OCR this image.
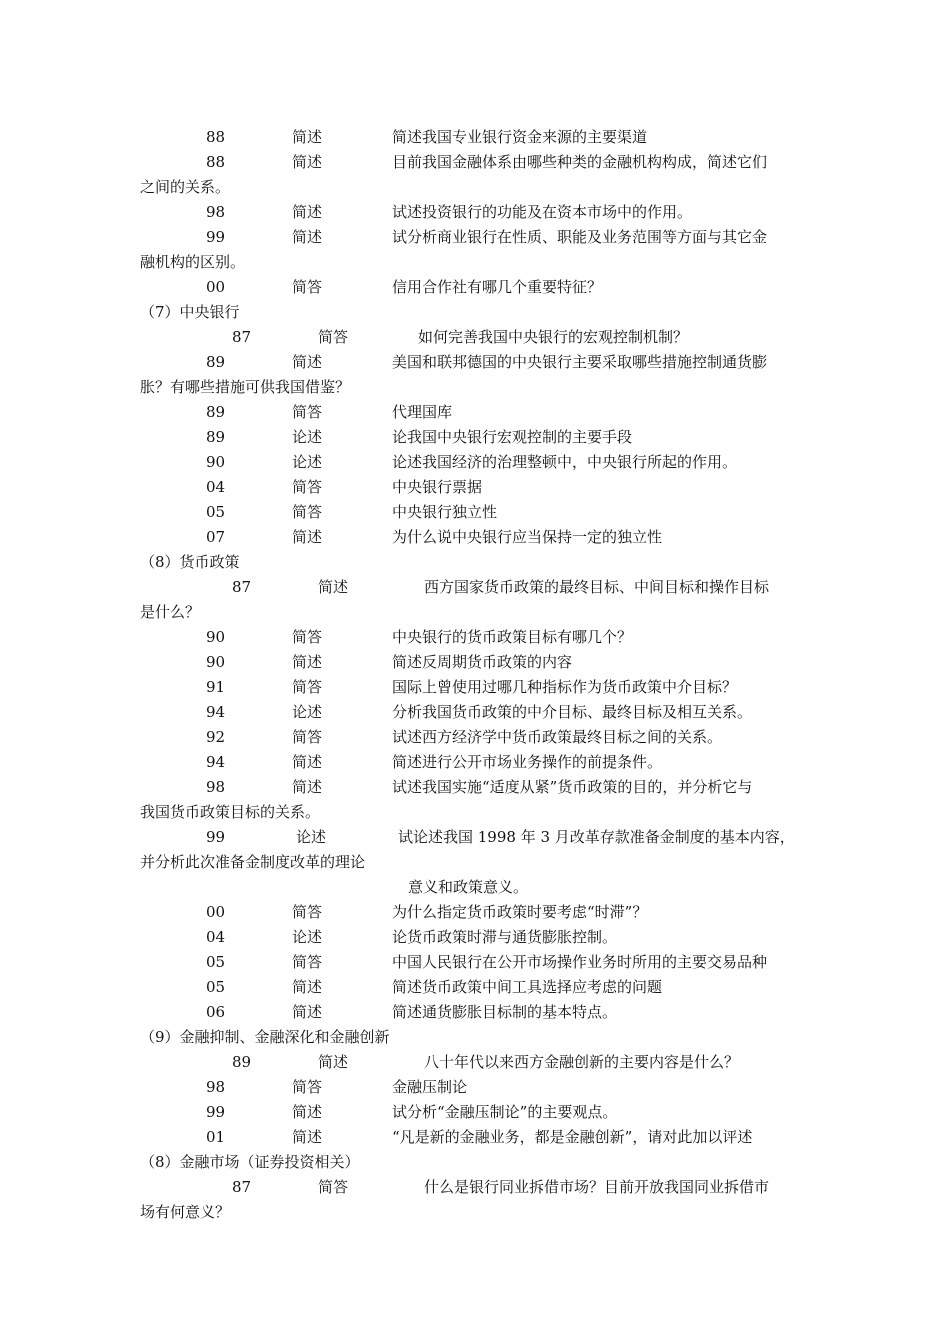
88	简述	简述我国专业银行资金来源的主要渠道
88	简述	目前我国金融体系由哪些种类的金融机构构成，简述它们
之间的关系。
98	简述	试述投资银行的功能及在资本市场中的作用。
99	简述	试分析商业银行在性质、职能及业务范围等方面与其它金
融机构的区别。
00	简答	信用合作社有哪几个重要特征？
（7）中央银行
87	简答	如何完善我国中央银行的宏观控制机制？
89	简述	美国和联邦德国的中央银行主要采取哪些措施控制通货膨
胀？有哪些措施可供我国借鉴？
89	简答	代理国库
89	论述	论我国中央银行宏观控制的主要手段
90	论述	论述我国经济的治理整顿中，中央银行所起的作用。
04	简答	中央银行票据
05	简答	中央银行独立性
07	简述	为什么说中央银行应当保持一定的独立性
（8）货币政策
87	简述	西方国家货币政策的最终目标、中间目标和操作目标
是什么？
90	简答	中央银行的货币政策目标有哪几个？
90	简述	简述反周期货币政策的内容
91	简答	国际上曾使用过哪几种指标作为货币政策中介目标？
94	论述	分析我国货币政策的中介目标、最终目标及相互关系。
92	简答	试述西方经济学中货币政策最终目标之间的关系。
94	简述	简述进行公开市场业务操作的前提条件。
98	简述	试述我国实施“适度从紧”货币政策的目的，并分析它与
我国货币政策目标的关系。
99	论述	试论述我国 1998 年 3 月改革存款准备金制度的基本内容，
并分析此次准备金制度改革的理论
意义和政策意义。
00	简答	为什么指定货币政策时要考虑“时滞”？
04	论述	论货币政策时滞与通货膨胀控制。
05	简答	中国人民银行在公开市场操作业务时所用的主要交易品种
05	简述	简述货币政策中间工具选择应考虑的问题
06	简述	简述通货膨胀目标制的基本特点。
（9）金融抑制、金融深化和金融创新
89	简述	八十年代以来西方金融创新的主要内容是什么？
98	简答	金融压制论
99	简述	试分析“金融压制论”的主要观点。
01	简述	“凡是新的金融业务，都是金融创新”，请对此加以评述
（8）金融市场（证券投资相关）
87	简答	什么是银行同业拆借市场？目前开放我国同业拆借市
场有何意义？
